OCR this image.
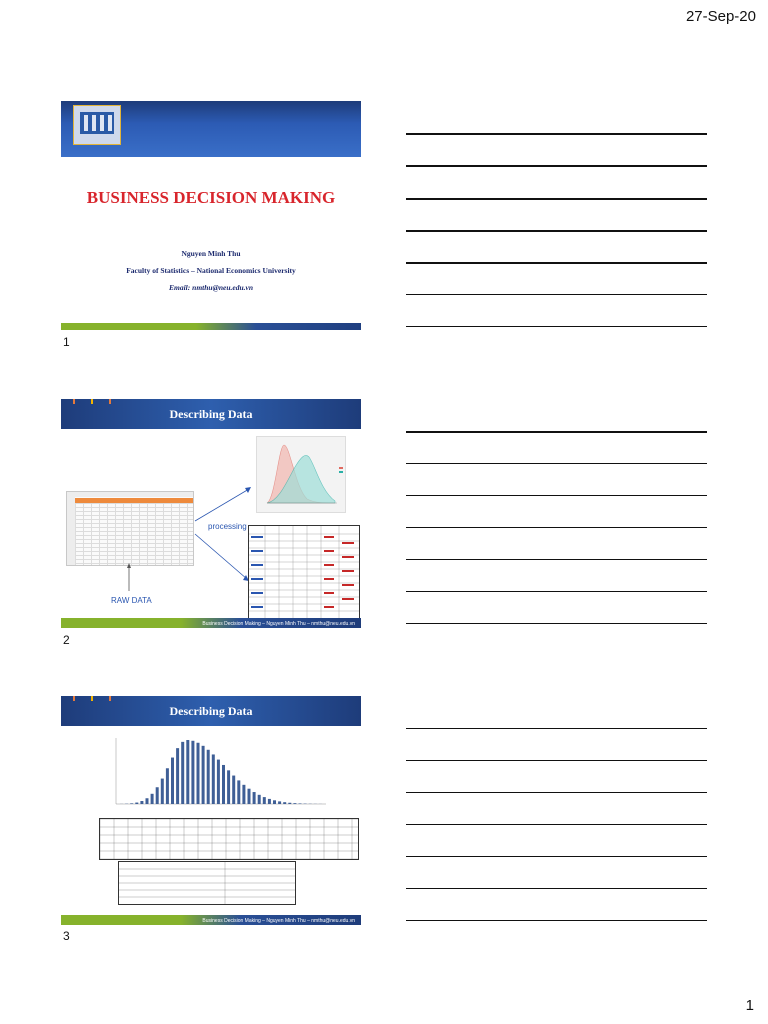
27-Sep-20
BUSINESS DECISION MAKING
Nguyen Minh Thu
Faculty of Statistics – National Economics University
Email: nmthu@neu.edu.vn
1
Describing Data
RAW DATA
processing
Business Decision Making – Nguyen Minh Thu – nmthu@neu.edu.vn
2
Describing Data
Business Decision Making – Nguyen Minh Thu – nmthu@neu.edu.vn
3
1
